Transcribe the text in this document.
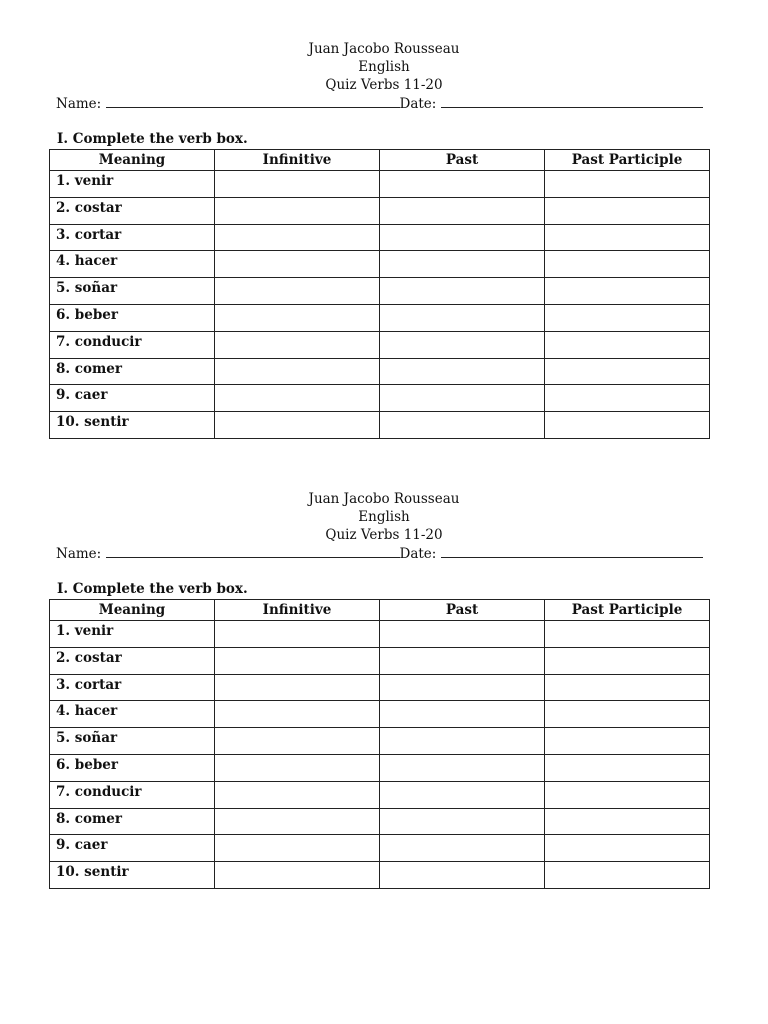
Juan Jacobo Rousseau
English
Quiz Verbs 11-20
Name:	Date:
I. Complete the verb box.
Meaning	Infinitive	Past	Past Participle
1. venir			
2. costar			
3. cortar			
4. hacer			
5. soñar			
6. beber			
7. conducir			
8. comer			
9. caer			
10. sentir			
Juan Jacobo Rousseau
English
Quiz Verbs 11-20
Name:	Date:
I. Complete the verb box.
Meaning	Infinitive	Past	Past Participle
1. venir			
2. costar			
3. cortar			
4. hacer			
5. soñar			
6. beber			
7. conducir			
8. comer			
9. caer			
10. sentir			
